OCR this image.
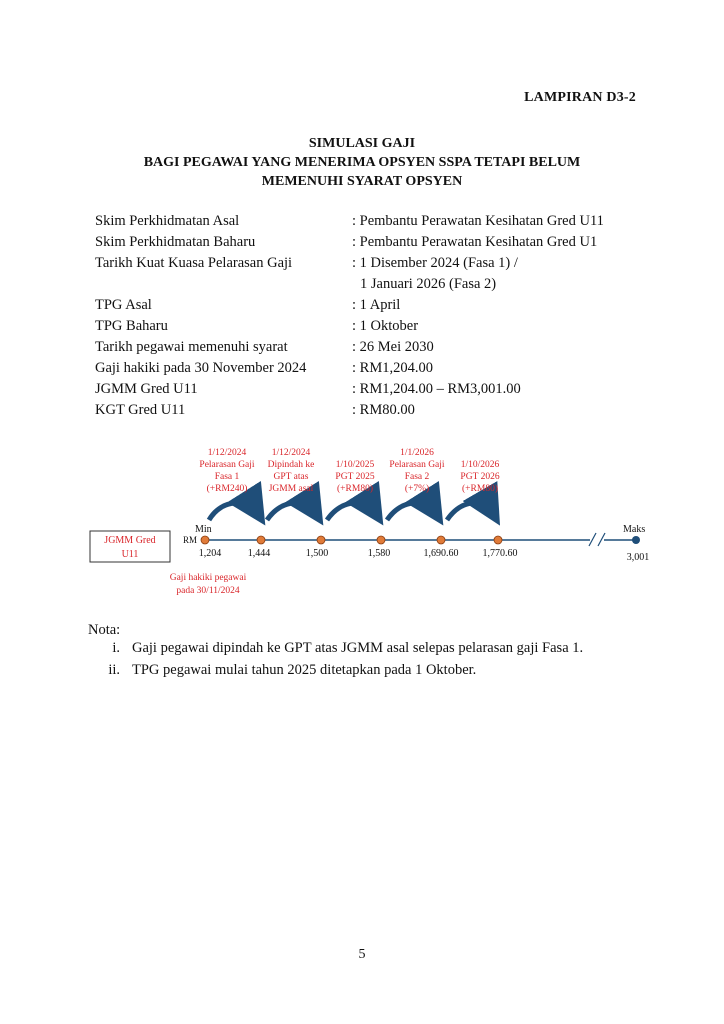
LAMPIRAN D3-2
SIMULASI GAJI
BAGI PEGAWAI YANG MENERIMA OPSYEN SSPA TETAPI BELUM
MEMENUHI SYARAT OPSYEN
Skim Perkhidmatan Asal	: Pembantu Perawatan Kesihatan Gred U11
Skim Perkhidmatan Baharu	: Pembantu Perawatan Kesihatan Gred U1
Tarikh Kuat Kuasa Pelarasan Gaji	: 1 Disember 2024 (Fasa 1) /
1 Januari 2026 (Fasa 2)
TPG Asal	: 1 April
TPG Baharu	: 1 Oktober
Tarikh pegawai memenuhi syarat	: 26 Mei 2030
Gaji hakiki pada 30 November 2024	: RM1,204.00
JGMM Gred U11	: RM1,204.00 – RM3,001.00
KGT Gred U11	: RM80.00
JGMM Gred
U11
Min	Maks
RM
1,204	1,444	1,500	1,580	1,690.60 1,770.60	3,001
1/12/2024
Pelarasan Gaji
Fasa 1
(+RM240)
1/12/2024
Dipindah ke
GPT atas
JGMM asal
1/10/2025
PGT 2025
(+RM80)
1/1/2026
Pelarasan Gaji
Fasa 2
(+7%)
1/10/2026
PGT 2026
(+RM80)
Gaji hakiki pegawai
pada 30/11/2024
Nota:
i. Gaji pegawai dipindah ke GPT atas JGMM asal selepas pelarasan gaji Fasa 1.
ii. TPG pegawai mulai tahun 2025 ditetapkan pada 1 Oktober.
5
